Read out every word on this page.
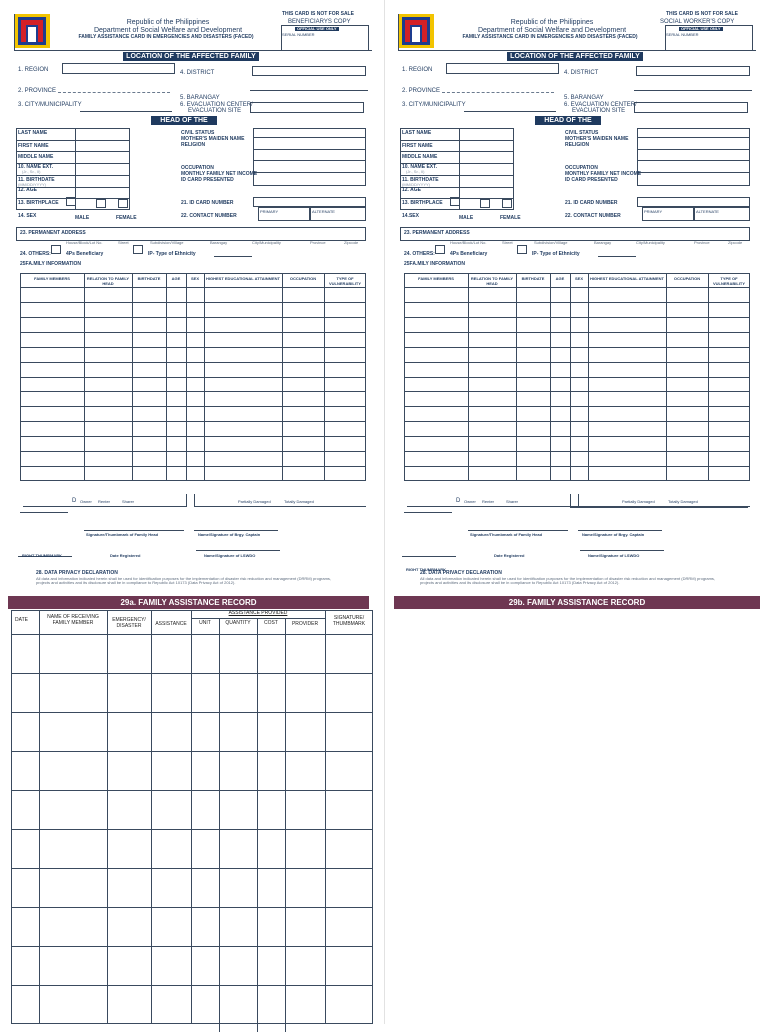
Republic of the Philippines
Department of Social Welfare and Development
FAMILY ASSISTANCE CARD IN EMERGENCIES AND DISASTERS (FACED)
THIS CARD IS NOT FOR SALE
BENEFICIARYS COPY
OFFICIAL USE ONLY
SERIAL NUMBER
LOCATION OF THE AFFECTED FAMILY
1. REGION	4. DISTRICT
2. PROVINCE
5. BARANGAY
3. CITY/MUNICIPALITY	6. EVACUATION CENTER/
EVACUATION SITE
HEAD OF THE FAMILY
LAST NAME
FIRST NAME
MIDDLE NAME
10. NAME EXT.
(Jr., Sr., II)
11. BIRTHDATE
(MM/DD/YYYY)
12. AGE
13. BIRTHPLACE
14. SEX	MALE	FEMALE
CIVIL STATUS
MOTHER'S MAIDEN NAME
RELIGION
OCCUPATION
MONTHLY FAMILY NET INCOME
ID CARD PRESENTED
21. ID CARD NUMBER
22. CONTACT NUMBER
PRIMARY	ALTERNATE
23. PERMANENT ADDRESS
House/Block/Lot No.	Street	Subdivision/Village	Barangay	City/Municipality	Province	Zipcode
24. OTHERS:	4Ps Beneficiary	IP- Type of Ethnicity
25FA.MILY INFORMATION
FAMILY MEMBERS	RELATION TO FAMILY HEAD
BIRTHDATE	AGE	SEX	HIGHEST EDUCATIONAL ATTAINMENT	OCCUPATION	TYPE OF VULNERABILITY
D Owner Renter	Sharer	Partially Damaged	Totally Damaged
Signature/Thumbmark of Family Head	Name/Signature of Brgy. Captain
RIGHT THUMBMARK	Date Registered	Name/Signature of LSWDO
28. DATA PRIVACY DECLARATION
All data and information indicated herein shall be used for identification purposes for the implementation of disaster risk reduction and management (DRRM) programs, projects and activities and its disclosure shall be in compliance to Republic Act 10173 (Data Privacy Act of 2012).
Republic of the Philippines
Department of Social Welfare and Development
FAMILY ASSISTANCE CARD IN EMERGENCIES AND DISASTERS (FACED)
THIS CARD IS NOT FOR SALE
SOCIAL WORKER'S COPY
OFFICIAL USE ONLY
SERIAL NUMBER
LOCATION OF THE AFFECTED FAMILY
1. REGION	4. DISTRICT
2. PROVINCE
5. BARANGAY
3. CITY/MUNICIPALITY	6. EVACUATION CENTER/
EVACUATION SITE
HEAD OF THE FAMILY
LAST NAME
FIRST NAME
MIDDLE NAME
10. NAME EXT.
(Jr., Sr., II)
11. BIRTHDATE
(MM/DD/YYYY)
12. AGE
13. BIRTHPLACE
14.SEX	MALE	FEMALE
CIVIL STATUS
MOTHER'S MAIDEN NAME
RELIGION
OCCUPATION
MONTHLY FAMILY NET INCOME
ID CARD PRESENTED
21. ID CARD NUMBER
22. CONTACT NUMBER
PRIMARY	ALTERNATE
23. PERMANENT ADDRESS
House/Block/Lot No.	Street	Subdivision/Village	Barangay	City/Municipality	Province	Zipcode
24. OTHERS:	4Ps Beneficiary	IP- Type of Ethnicity
25FA.MILY INFORMATION
FAMILY MEMBERS	RELATION TO FAMILY HEAD
BIRTHDATE	AGE	SEX	HIGHEST EDUCATIONAL ATTAINMENT	OCCUPATION	TYPE OF VULNERABILITY
D Owner Renter	Sharer	Partially Damaged	Totally Damaged
Signature/Thumbmark of Family Head	Name/Signature of Brgy. Captain
RIGHT THUMBMARK
Date Registered	Name/Signature of LSWDO
28. DATA PRIVACY DECLARATION
All data and information indicated herein shall be used for identification purposes for the implementation of disaster risk reduction and management (DRRM) programs, projects and activities and its disclosure shall be in compliance to Republic Act 10173 (Data Privacy Act of 2012).
29a. FAMILY ASSISTANCE RECORD	29b. FAMILY ASSISTANCE RECORD
DATE	NAME OF RECEIVING FAMILY MEMBER	EMERGENCY/ DISASTER	ASSISTANCE
ASSISTANCE PROVIDED
UNIT	QUANTITY	COST	PROVIDER
SIGNATURE/ THUMBMARK
